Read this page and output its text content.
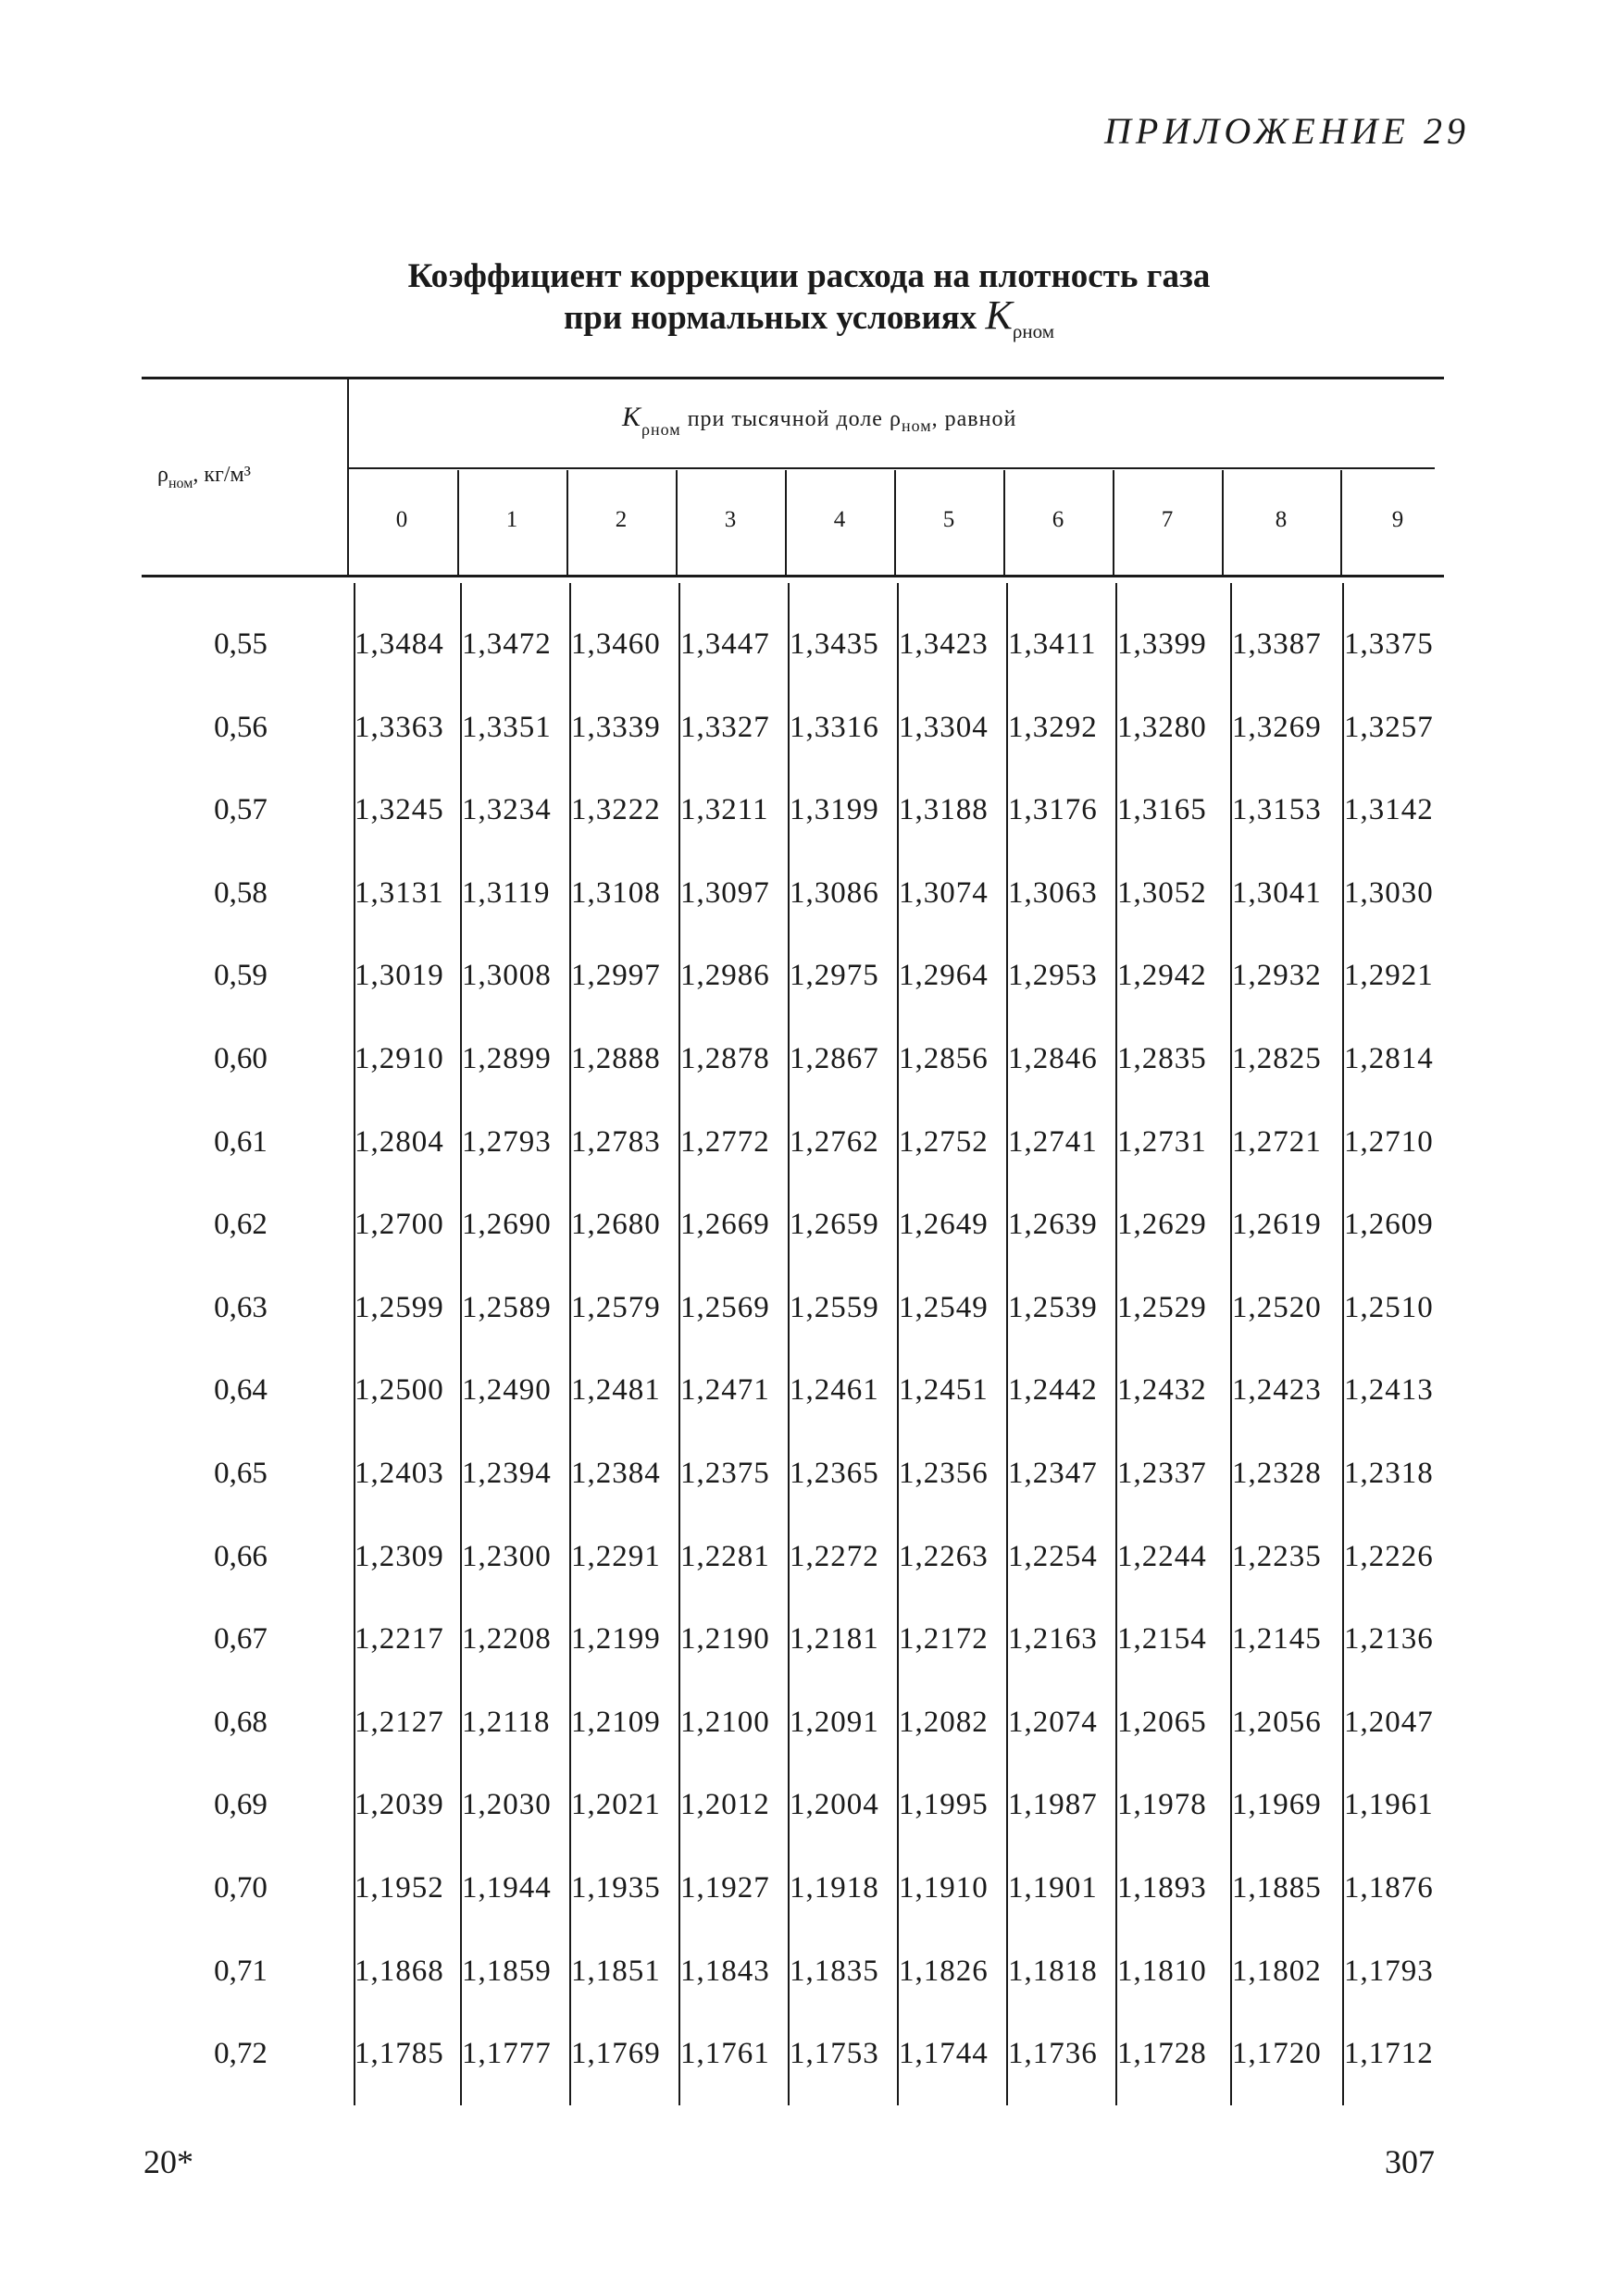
ПРИЛОЖЕНИЕ 29
Коэффициент коррекции расхода на плотность газа
при нормальных условиях $K_{\rho ном}$
$\rho_{ном}$, кг/м³
$K_{\rho ном}$ при тысячной доле $\rho_{ном}$, равной
0	1	2	3	4	5	6	7	8	9
0,55	1,3484 1,3472 1,3460 1,3447 1,3435 1,3423 1,3411 1,3399 1,3387 1,3375
0,56	1,3363 1,3351 1,3339 1,3327 1,3316 1,3304 1,3292 1,3280 1,3269 1,3257
0,57	1,3245 1,3234 1,3222 1,3211 1,3199 1,3188 1,3176 1,3165 1,3153 1,3142
0,58	1,3131 1,3119 1,3108 1,3097 1,3086 1,3074 1,3063 1,3052 1,3041 1,3030
0,59	1,3019 1,3008 1,2997 1,2986 1,2975 1,2964 1,2953 1,2942 1,2932 1,2921
0,60	1,2910 1,2899 1,2888 1,2878 1,2867 1,2856 1,2846 1,2835 1,2825 1,2814
0,61	1,2804 1,2793 1,2783 1,2772 1,2762 1,2752 1,2741 1,2731 1,2721 1,2710
0,62	1,2700 1,2690 1,2680 1,2669 1,2659 1,2649 1,2639 1,2629 1,2619 1,2609
0,63	1,2599 1,2589 1,2579 1,2569 1,2559 1,2549 1,2539 1,2529 1,2520 1,2510
0,64	1,2500 1,2490 1,2481 1,2471 1,2461 1,2451 1,2442 1,2432 1,2423 1,2413
0,65	1,2403 1,2394 1,2384 1,2375 1,2365 1,2356 1,2347 1,2337 1,2328 1,2318
0,66	1,2309 1,2300 1,2291 1,2281 1,2272 1,2263 1,2254 1,2244 1,2235 1,2226
0,67	1,2217 1,2208 1,2199 1,2190 1,2181 1,2172 1,2163 1,2154 1,2145 1,2136
0,68	1,2127 1,2118 1,2109 1,2100 1,2091 1,2082 1,2074 1,2065 1,2056 1,2047
0,69	1,2039 1,2030 1,2021 1,2012 1,2004 1,1995 1,1987 1,1978 1,1969 1,1961
0,70	1,1952 1,1944 1,1935 1,1927 1,1918 1,1910 1,1901 1,1893 1,1885 1,1876
0,71	1,1868 1,1859 1,1851 1,1843 1,1835 1,1826 1,1818 1,1810 1,1802 1,1793
0,72	1,1785 1,1777 1,1769 1,1761 1,1753 1,1744 1,1736 1,1728 1,1720 1,1712
20*	307
